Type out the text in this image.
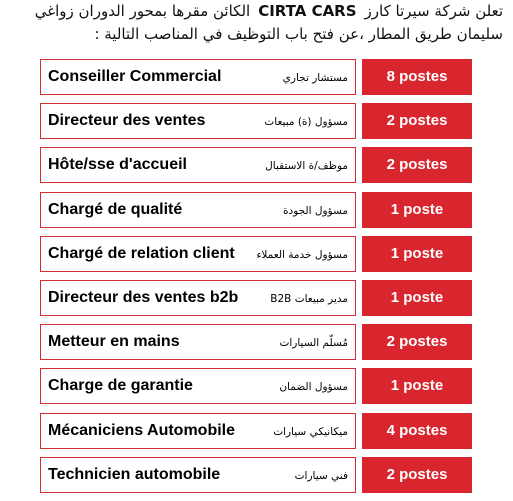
تعلن شركة سيرتا كارزCIRTA CARSالكائن مقرها بمحور الدوران زواغي
سليمان طريق المطار ،عن فتح باب التوظيف في المناصب التالية :
Conseiller Commercial	مستشار تجاري	8 postes
Directeur des ventes	مسؤول (ة) مبيعات	2 postes
Hôte/sse d'accueil	موظف/ة الاستقبال	2 postes
Chargé de qualité	مسؤول الجودة	1 poste
Chargé de relation client مسؤول خدمة العملاء	1 poste
Directeur des ventes b2b	مدير مبيعات B2B	1 poste
Metteur en mains	مُسلّم السيارات	2 postes
Charge de garantie	مسؤول الضمان	1 poste
Mécaniciens Automobile	ميكانيكي سيارات	4 postes
Technicien automobile	فني سيارات	2 postes
